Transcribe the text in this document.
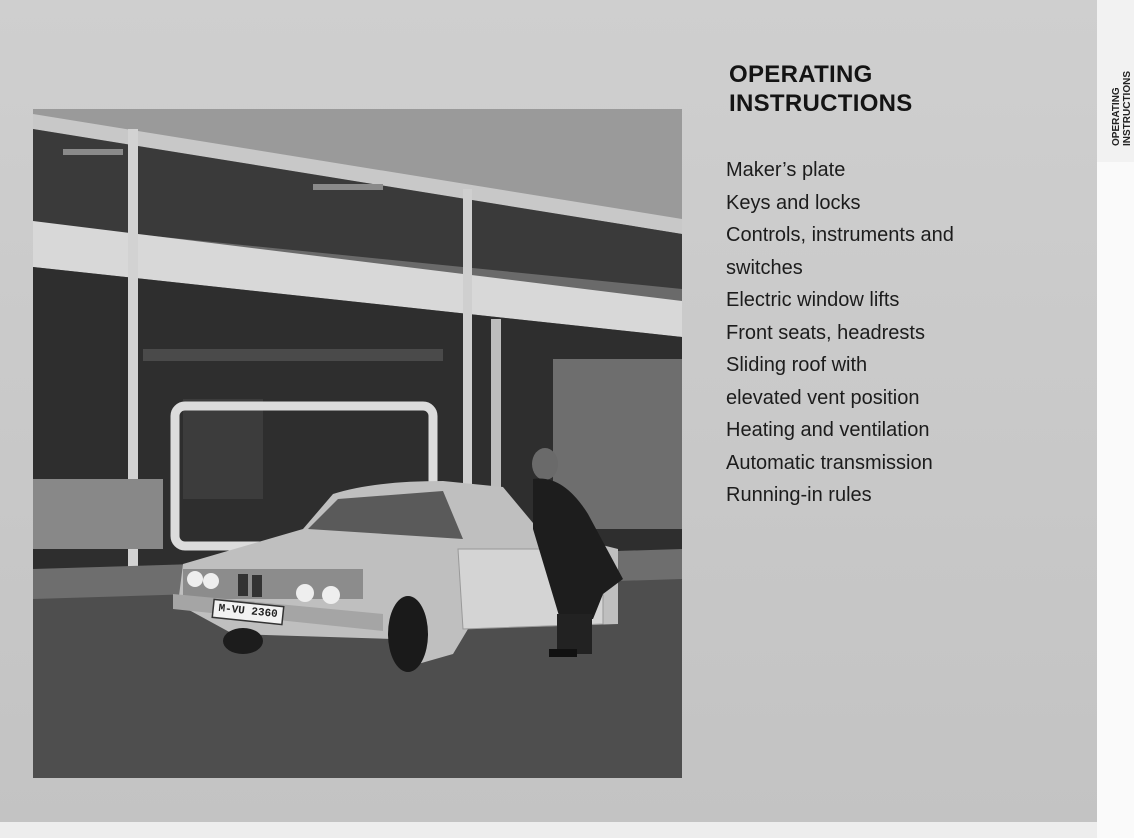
M-VU 2360
OPERATING
INSTRUCTIONS
Maker’s plate
Keys and locks
Controls, instruments and
switches
Electric window lifts
Front seats, headrests
Sliding roof with
elevated vent position
Heating and ventilation
Automatic transmission
Running-in rules
OPERATING INSTRUCTIONS
